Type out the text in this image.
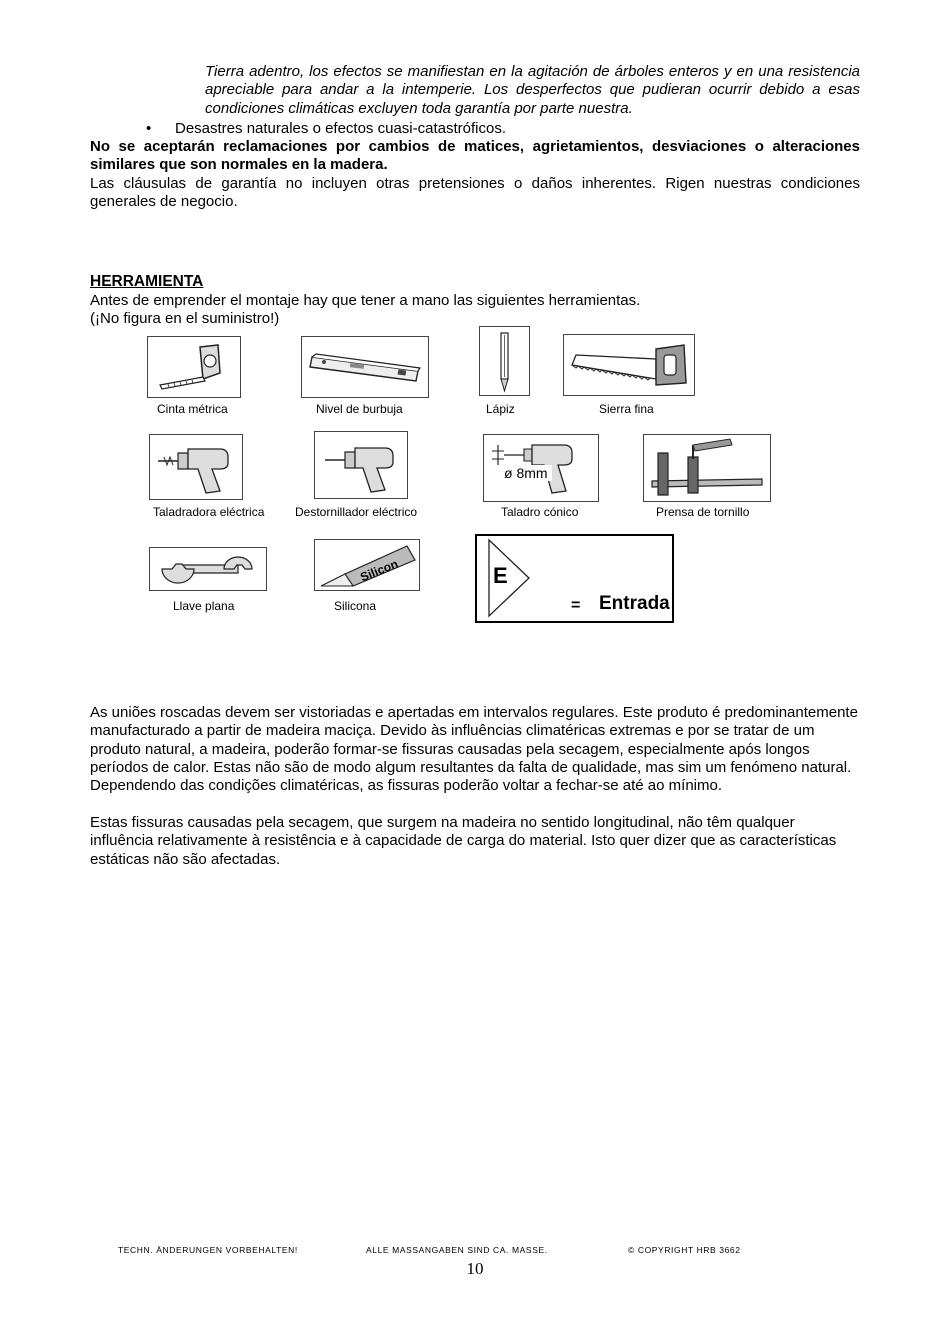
Tierra adentro, los efectos se manifiestan en la agitación de árboles enteros y en una resistencia apreciable para andar a la intemperie. Los desperfectos que pudieran ocurrir debido a esas condiciones climáticas excluyen toda garantía por parte nuestra.
• Desastres naturales o efectos cuasi-catastróficos.
No se aceptarán reclamaciones por cambios de matices, agrietamientos, desviaciones o alteraciones similares que son normales en la madera.
Las cláusulas de garantía no incluyen otras pretensiones o daños inherentes. Rigen nuestras condiciones generales de negocio.
HERRAMIENTA
Antes de emprender el montaje hay que tener a mano las siguientes herramientas.
(¡No figura en el suministro!)
Cinta métrica	Nivel de burbuja	Lápiz	Sierra fina
ø 8mm
Taladradora eléctrica	Destornillador eléctrico	Taladro cónico	Prensa de tornillo
Silicon
Llave plana	Silicona
E
= Entrada
As uniões roscadas devem ser vistoriadas e apertadas em intervalos regulares. Este produto é predominantemente manufacturado a partir de madeira maciça. Devido às influências climatéricas extremas e por se tratar de um produto natural, a madeira, poderão formar-se fissuras causadas pela secagem, especialmente após longos períodos de calor. Estas não são de modo algum resultantes da falta de qualidade, mas sim um fenómeno natural. Dependendo das condições climatéricas, as fissuras poderão voltar a fechar-se até ao mínimo.
Estas fissuras causadas pela secagem, que surgem na madeira no sentido longitudinal, não têm qualquer influência relativamente à resistência e à capacidade de carga do material. Isto quer dizer que as características estáticas não são afectadas.
TECHN. ÄNDERUNGEN VORBEHALTEN!	ALLE MASSANGABEN SIND CA. MASSE.	© COPYRIGHT HRB 3662
10
